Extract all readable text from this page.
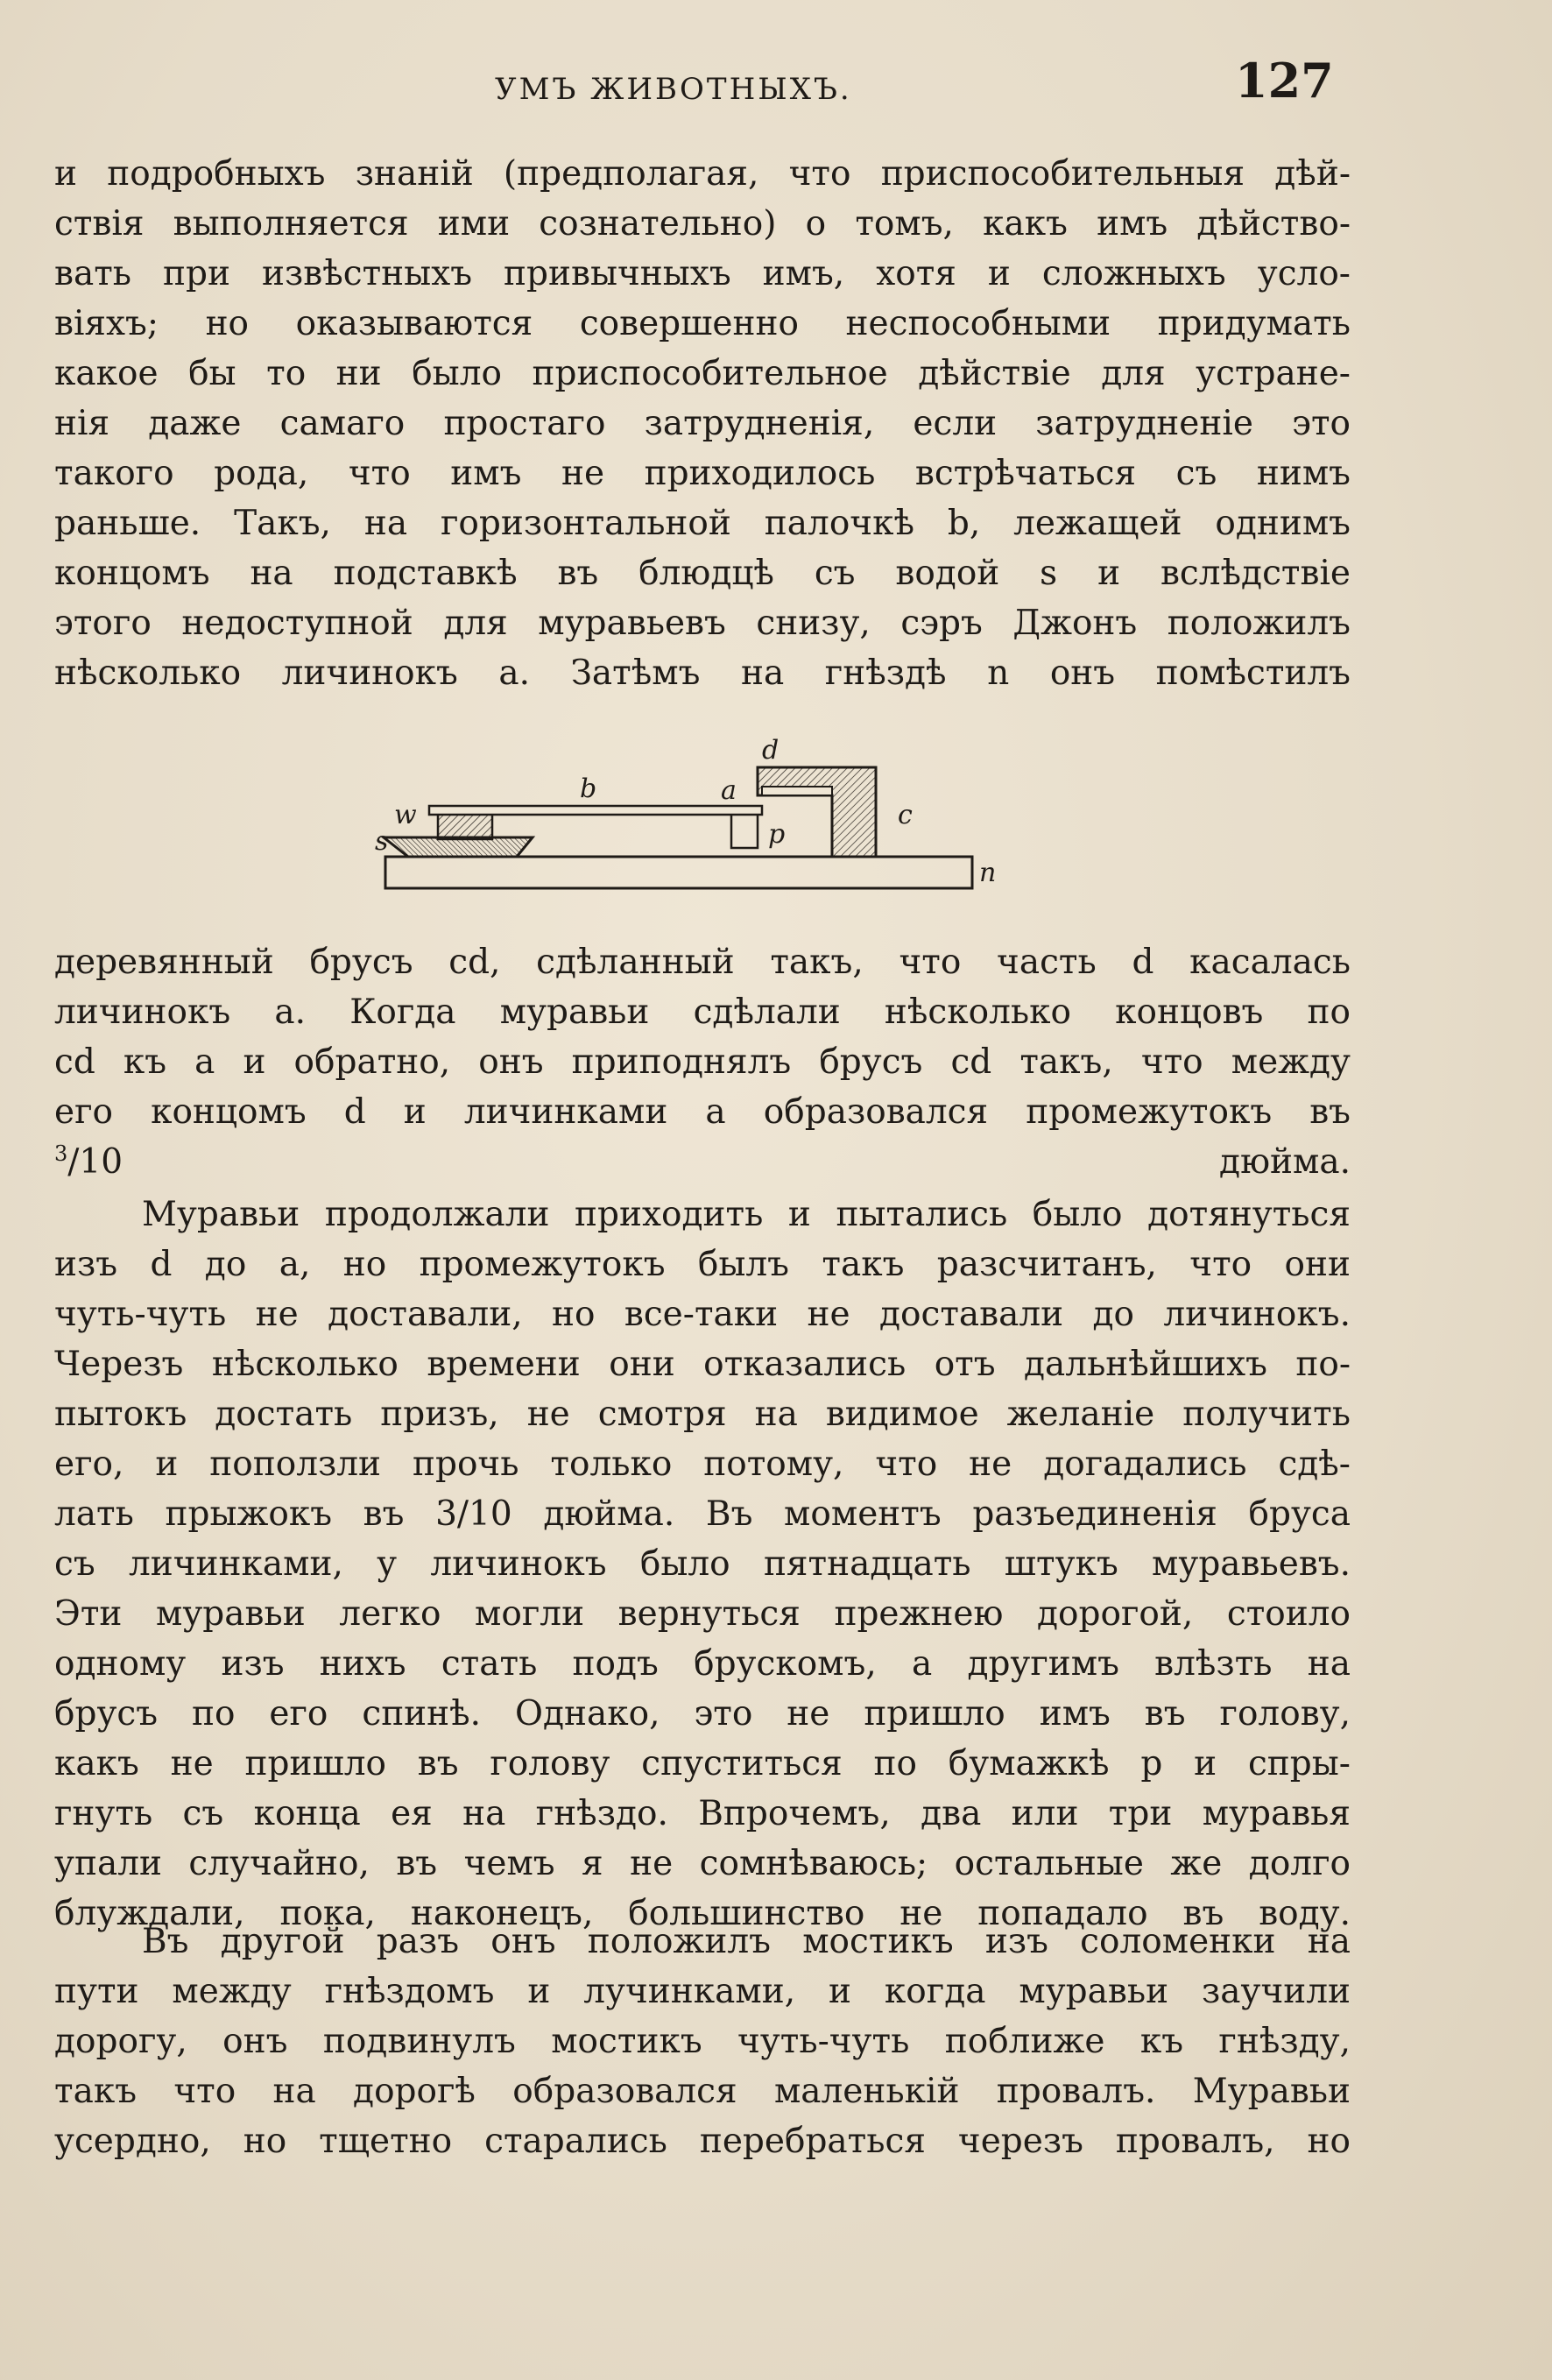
УМЪ ЖИВОТНЫХЪ.	127
и подробныхъ знаній (предполагая, что приспособительныя дѣй-
ствія выполняется ими сознательно) о томъ, какъ имъ дѣйство-
вать при извѣстныхъ привычныхъ имъ, хотя и сложныхъ усло-
віяхъ; но оказываются совершенно неспособными придумать
какое бы то ни было приспособительное дѣйствіе для устране-
нія даже самаго простаго затрудненія, если затрудненіе это
такого рода, что имъ не приходилось встрѣчаться съ нимъ
раньше. Такъ, на горизонтальной палочкѣ b, лежащей однимъ
концомъ на подставкѣ въ блюдцѣ съ водой s и вслѣдствіе
этого недоступной для муравьевъ снизу, сэръ Джонъ положилъ
нѣсколько личинокъ a. Затѣмъ на гнѣздѣ n онъ помѣстилъ
d
b	a
w	c
p
s
n
деревянный брусъ cd, сдѣланный такъ, что часть d касалась
личинокъ a. Когда муравьи сдѣлали нѣсколько концовъ по
cd къ a и обратно, онъ приподнялъ брусъ cd такъ, что между
его концомъ d и личинками a образовался промежутокъ въ
$^3$/10 дюйма.
Муравьи продолжали приходить и пытались было дотянуться
изъ d до a, но промежутокъ былъ такъ разсчитанъ, что они
чуть-чуть не доставали, но все-таки не доставали до личинокъ.
Черезъ нѣсколько времени они отказались отъ дальнѣйшихъ по-
пытокъ достать призъ, не смотря на видимое желаніе получить
его, и поползли прочь только потому, что не догадались сдѣ-
лать прыжокъ въ 3/10 дюйма. Въ моментъ разъединенія бруса
съ личинками, у личинокъ было пятнадцать штукъ муравьевъ.
Эти муравьи легко могли вернуться прежнею дорогой, стоило
одному изъ нихъ стать подъ брускомъ, а другимъ влѣзть на
брусъ по его спинѣ. Однако, это не пришло имъ въ голову,
какъ не пришло въ голову спуститься по бумажкѣ p и спры-
гнуть съ конца ея на гнѣздо. Впрочемъ, два или три муравья
упали случайно, въ чемъ я не сомнѣваюсь; остальные же долго
блуждали, пока, наконецъ, большинство не попадало въ воду.
Въ другой разъ онъ положилъ мостикъ изъ соломенки на
пути между гнѣздомъ и лучинками, и когда муравьи заучили
дорогу, онъ подвинулъ мостикъ чуть-чуть поближе къ гнѣзду,
такъ что на дорогѣ образовался маленькій провалъ. Муравьи
усердно, но тщетно старались перебраться черезъ провалъ, но
